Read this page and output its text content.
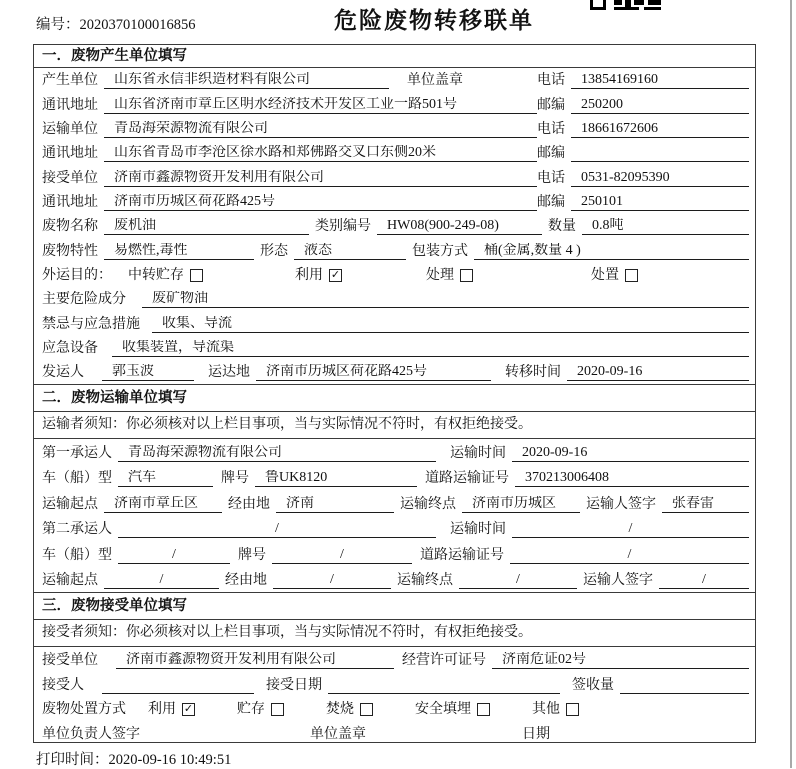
编号：2020370100016856	危险废物转移联单
一．废物产生单位填写
产生单位	山东省永信非织造材料有限公司	单位盖章	电话	13854169160
通讯地址	山东省济南市章丘区明水经济技术开发区工业一路501号	邮编	250200
运输单位	青岛海荣源物流有限公司	电话	18661672606
通讯地址	山东省青岛市李沧区徐水路和郑佛路交叉口东侧20米	邮编
接受单位	济南市鑫源物资开发利用有限公司	电话	0531-82095390
通讯地址	济南市历城区荷花路425号	邮编	250101
废物名称	废机油	类别编号	HW08(900-249-08)	数量	0.8吨
废物特性	易燃性,毒性	形态	液态	包装方式	桶(金属,数量 4 )
外运目的： 中转贮存	利用 ✓	处理	处置
主要危险成分	废矿物油
禁忌与应急措施	收集、导流
应急设备	收集装置，导流渠
发运人	郭玉波	运达地	济南市历城区荷花路425号	转移时间	2020-09-16
二．废物运输单位填写
运输者须知：你必须核对以上栏目事项，当与实际情况不符时，有权拒绝接受。
第一承运人	青岛海荣源物流有限公司	运输时间	2020-09-16
车（船）型	汽车	牌号	鲁UK8120	道路运输证号	370213006408
运输起点	济南市章丘区	经由地	济南	运输终点	济南市历城区	运输人签字	张春雷
第二承运人	/	运输时间	/
车（船）型	/	牌号	/	道路运输证号	/
运输起点	/	经由地	/	运输终点	/	运输人签字	/
三．废物接受单位填写
接受者须知：你必须核对以上栏目事项，当与实际情况不符时，有权拒绝接受。
接受单位	济南市鑫源物资开发利用有限公司	经营许可证号	济南危证02号
接受人	接受日期	签收量
废物处置方式 利用 ✓	贮存	焚烧	安全填埋	其他
单位负责人签字	单位盖章	日期
打印时间：2020-09-16 10:49:51
